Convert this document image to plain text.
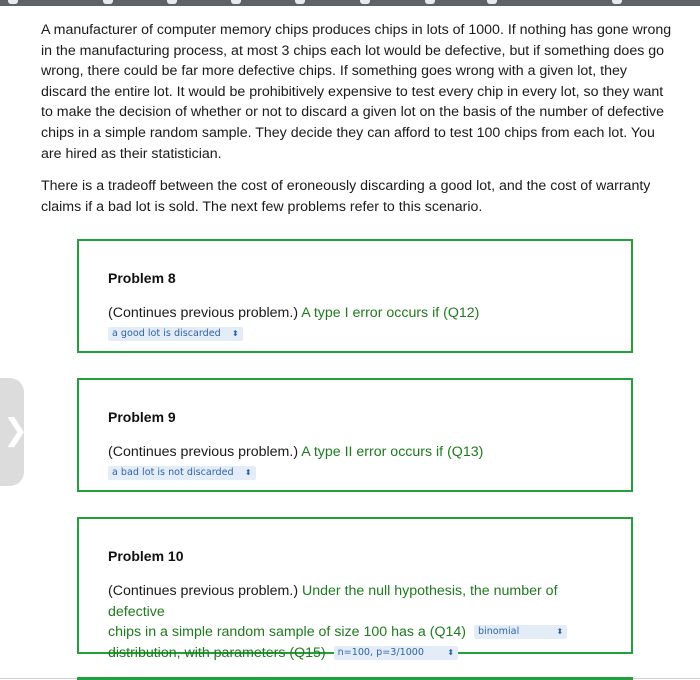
A manufacturer of computer memory chips produces chips in lots of 1000. If nothing has gone wrong in the manufacturing process, at most 3 chips each lot would be defective, but if something does go wrong, there could be far more defective chips. If something goes wrong with a given lot, they discard the entire lot. It would be prohibitively expensive to test every chip in every lot, so they want to make the decision of whether or not to discard a given lot on the basis of the number of defective chips in a simple random sample. They decide they can afford to test 100 chips from each lot. You are hired as their statistician.

There is a tradeoff between the cost of eroneously discarding a good lot, and the cost of warranty claims if a bad lot is sold. The next few problems refer to this scenario.

❯
Problem 8
(Continues previous problem.) A type I error occurs if (Q12)
a good lot is discarded ⬍
Problem 9
(Continues previous problem.) A type II error occurs if (Q13)
a bad lot is not discarded ⬍
Problem 10
(Continues previous problem.) Under the null hypothesis, the number of defective
chips in a simple random sample of size 100 has a (Q14) binomial	⬍

distribution, with parameters (Q15) n=100, p=3/1000	⬍
